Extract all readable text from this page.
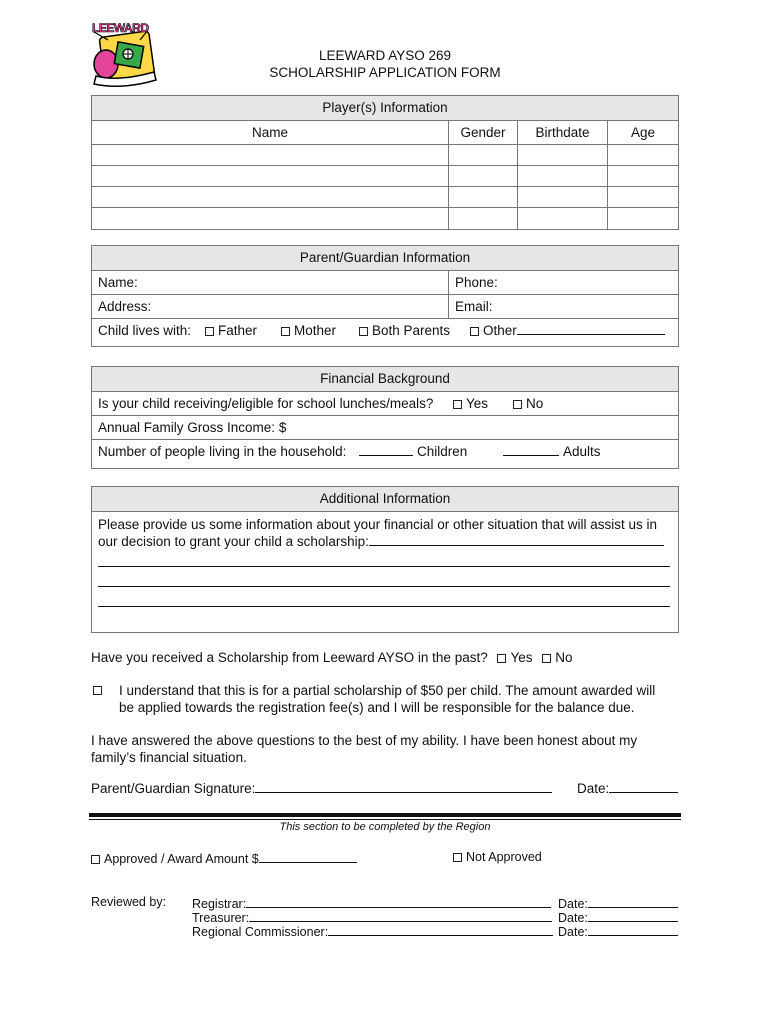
LEEWARD
LEEWARD AYSO 269
SCHOLARSHIP APPLICATION FORM
Player(s) Information
Name	Gender	Birthdate	Age
Parent/Guardian Information
Name:	Phone:
Address:	Email:
Child lives with:	Father	Mother	Both Parents	Other
Financial Background
Is your child receiving/eligible for school lunches/meals?	Yes	No
Annual Family Gross Income: $
Number of people living in the household:	Children	Adults
Additional Information
Please provide us some information about your financial or other situation that will assist us in
our decision to grant your child a scholarship:
Have you received a Scholarship from Leeward AYSO in the past? Yes No
I understand that this is for a partial scholarship of $50 per child. The amount awarded will
be applied towards the registration fee(s) and I will be responsible for the balance due.
I have answered the above questions to the best of my ability. I have been honest about my
family’s financial situation.
Parent/Guardian Signature:	Date:
This section to be completed by the Region
Approved / Award Amount $	Not Approved
Reviewed by: Registrar:	Date:
Treasurer:	Date:
Regional Commissioner:	Date:
